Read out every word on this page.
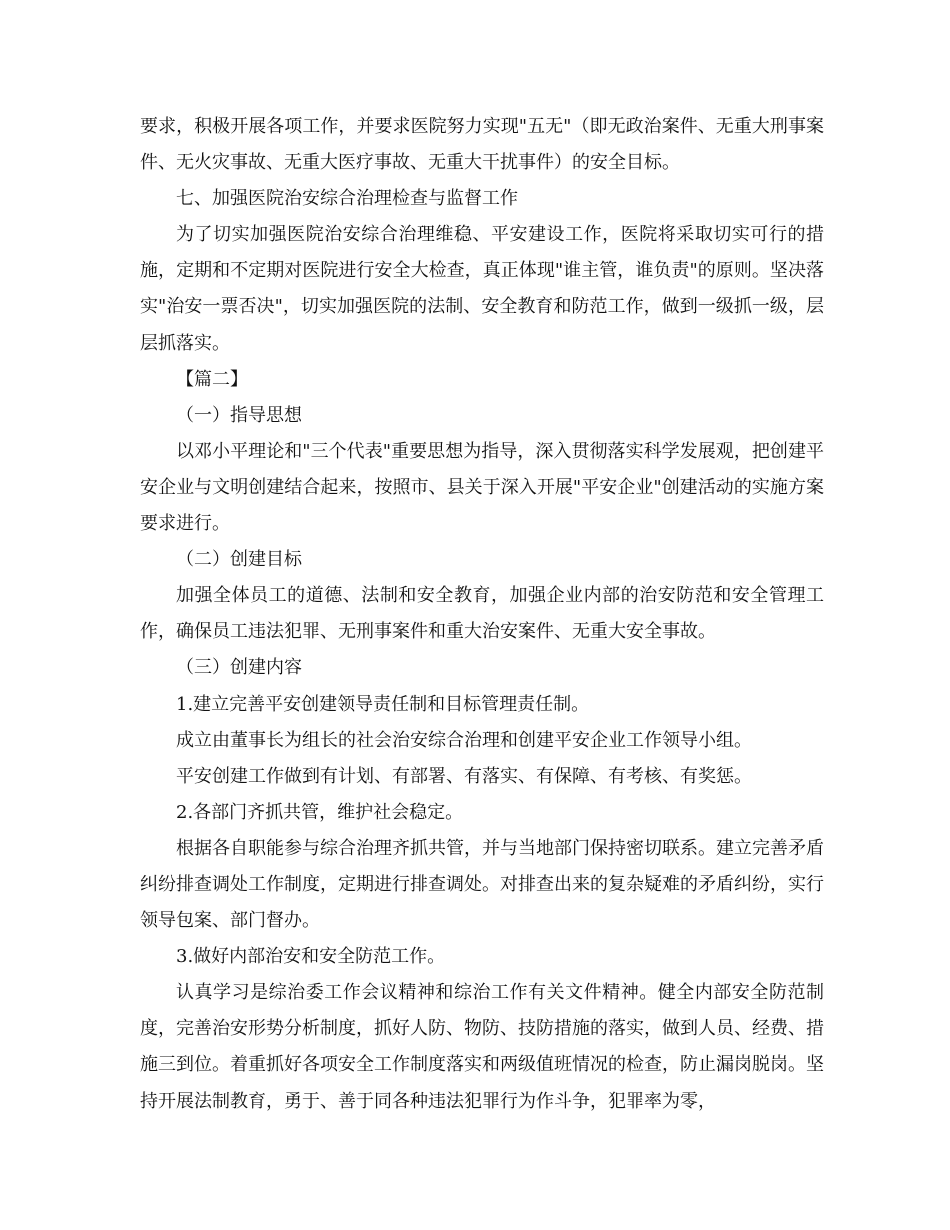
要求，积极开展各项工作，并要求医院努力实现"五无"（即无政治案件、无重大刑事案件、无火灾事故、无重大医疗事故、无重大干扰事件）的安全目标。

七、加强医院治安综合治理检查与监督工作

为了切实加强医院治安综合治理维稳、平安建设工作，医院将采取切实可行的措施，定期和不定期对医院进行安全大检查，真正体现"谁主管，谁负责"的原则。坚决落实"治安一票否决"，切实加强医院的法制、安全教育和防范工作，做到一级抓一级，层层抓落实。

【篇二】

（一）指导思想

以邓小平理论和"三个代表"重要思想为指导，深入贯彻落实科学发展观，把创建平安企业与文明创建结合起来，按照市、县关于深入开展"平安企业"创建活动的实施方案要求进行。

（二）创建目标

加强全体员工的道德、法制和安全教育，加强企业内部的治安防范和安全管理工作，确保员工违法犯罪、无刑事案件和重大治安案件、无重大安全事故。

（三）创建内容

1.建立完善平安创建领导责任制和目标管理责任制。

成立由董事长为组长的社会治安综合治理和创建平安企业工作领导小组。

平安创建工作做到有计划、有部署、有落实、有保障、有考核、有奖惩。

2.各部门齐抓共管，维护社会稳定。

根据各自职能参与综合治理齐抓共管，并与当地部门保持密切联系。建立完善矛盾纠纷排查调处工作制度，定期进行排查调处。对排查出来的复杂疑难的矛盾纠纷，实行领导包案、部门督办。

3.做好内部治安和安全防范工作。

认真学习是综治委工作会议精神和综治工作有关文件精神。健全内部安全防范制度，完善治安形势分析制度，抓好人防、物防、技防措施的落实，做到人员、经费、措施三到位。着重抓好各项安全工作制度落实和两级值班情况的检查，防止漏岗脱岗。坚持开展法制教育，勇于、善于同各种违法犯罪行为作斗争，犯罪率为零，
